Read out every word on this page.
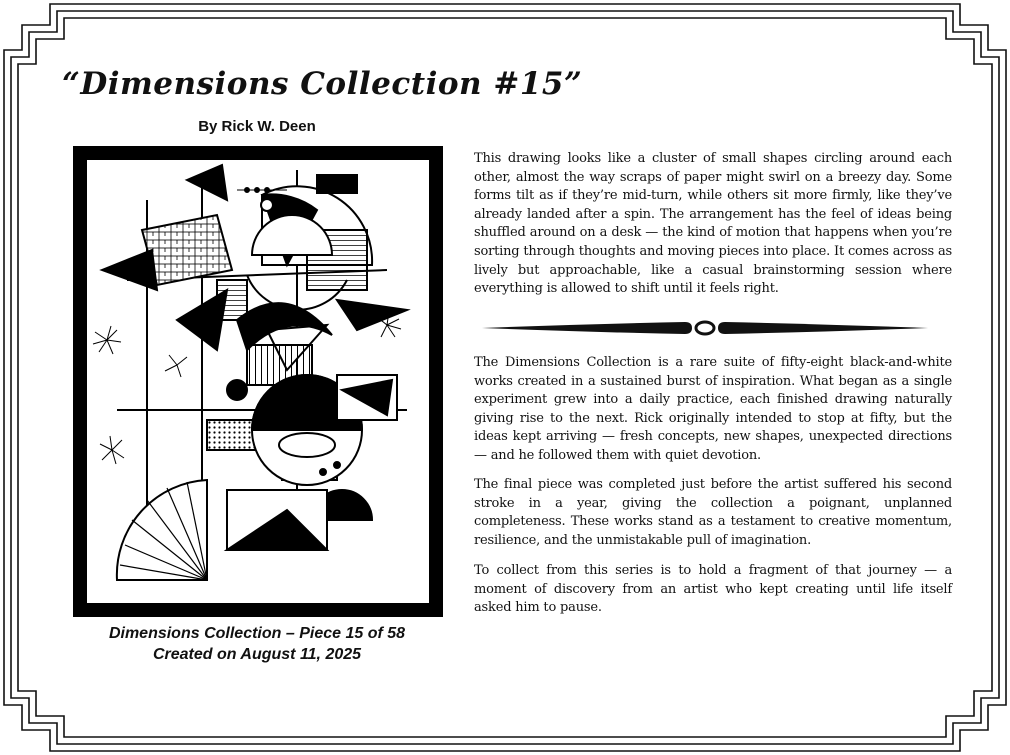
“Dimensions Collection #15”
By Rick W. Deen
Dimensions Collection – Piece 15 of 58
Created on August 11, 2025

This drawing looks like a cluster of small shapes circling around each other, almost the way scraps of paper might swirl on a breezy day. Some forms tilt as if they’re mid-turn, while others sit more firmly, like they’ve already landed after a spin. The arrangement has the feel of ideas being shuffled around on a desk — the kind of motion that happens when you’re sorting through thoughts and moving pieces into place. It comes across as lively but approachable, like a casual brainstorming session where everything is allowed to shift until it feels right.

The Dimensions Collection is a rare suite of fifty-eight black-and-white works created in a sustained burst of inspiration. What began as a single experiment grew into a daily practice, each finished drawing naturally giving rise to the next. Rick originally intended to stop at fifty, but the ideas kept arriving — fresh concepts, new shapes, unexpected directions — and he followed them with quiet devotion.

The final piece was completed just before the artist suffered his second stroke in a year, giving the collection a poignant, unplanned completeness. These works stand as a testament to creative momentum, resilience, and the unmistakable pull of imagination.

To collect from this series is to hold a fragment of that journey — a moment of discovery from an artist who kept creating until life itself asked him to pause.
